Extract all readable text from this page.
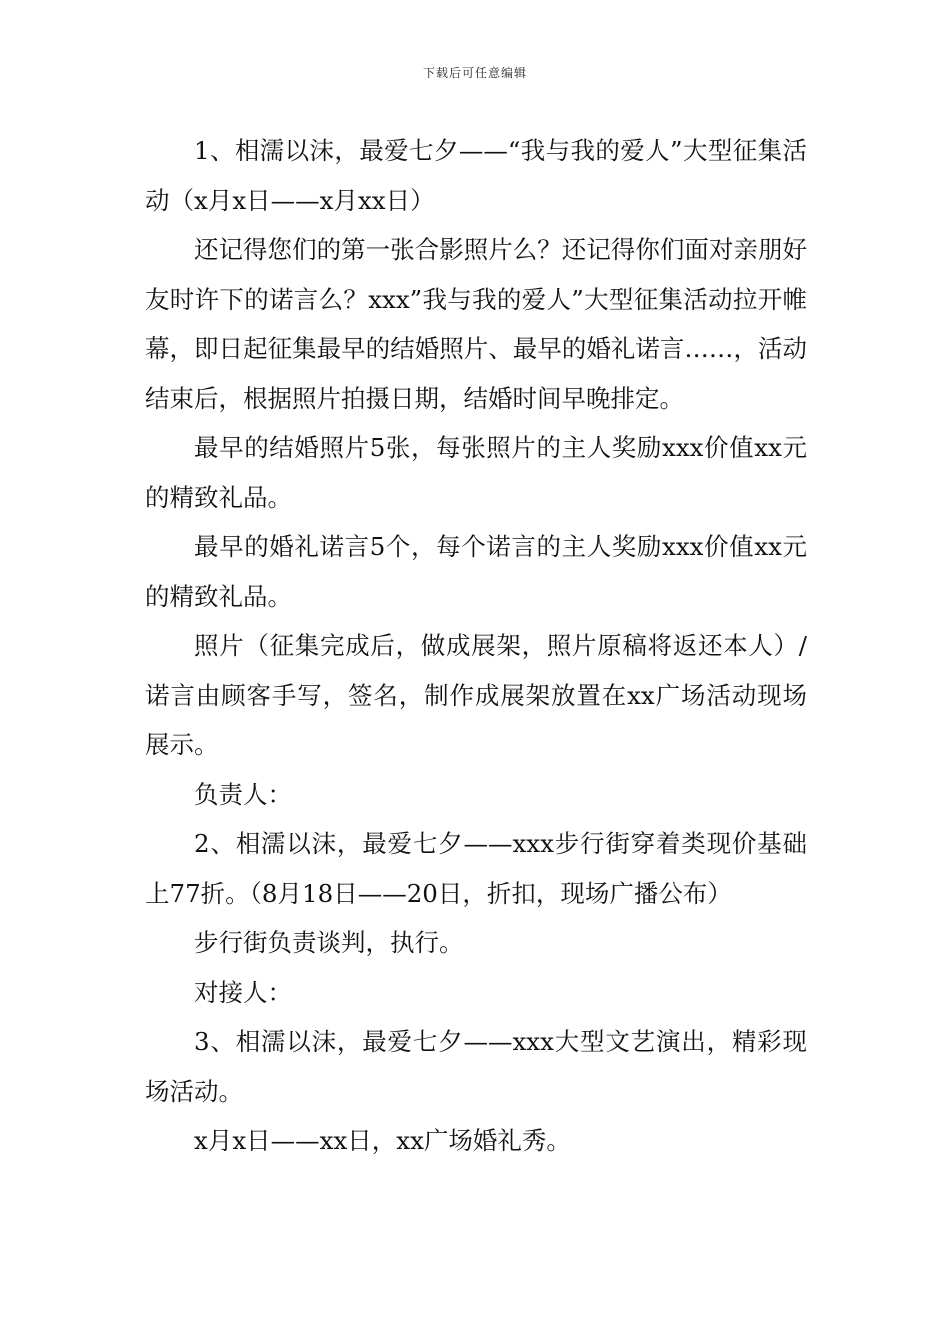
下载后可任意编辑

1、相濡以沫，最爱七夕——“我与我的爱人”大型征集活动（x月x日——x月xx日）

还记得您们的第一张合影照片么？还记得你们面对亲朋好友时许下的诺言么？xxx”我与我的爱人”大型征集活动拉开帷幕，即日起征集最早的结婚照片、最早的婚礼诺言……，活动结束后，根据照片拍摄日期，结婚时间早晚排定。

最早的结婚照片5张，每张照片的主人奖励xxx价值xx元的精致礼品。

最早的婚礼诺言5个，每个诺言的主人奖励xxx价值xx元的精致礼品。

照片（征集完成后，做成展架，照片原稿将返还本人）/诺言由顾客手写，签名，制作成展架放置在xx广场活动现场展示。

负责人：

2、相濡以沫，最爱七夕——xxx步行街穿着类现价基础上77折。（8月18日——20日，折扣，现场广播公布）

步行街负责谈判，执行。

对接人：

3、相濡以沫，最爱七夕——xxx大型文艺演出，精彩现场活动。

x月x日——xx日，xx广场婚礼秀。
